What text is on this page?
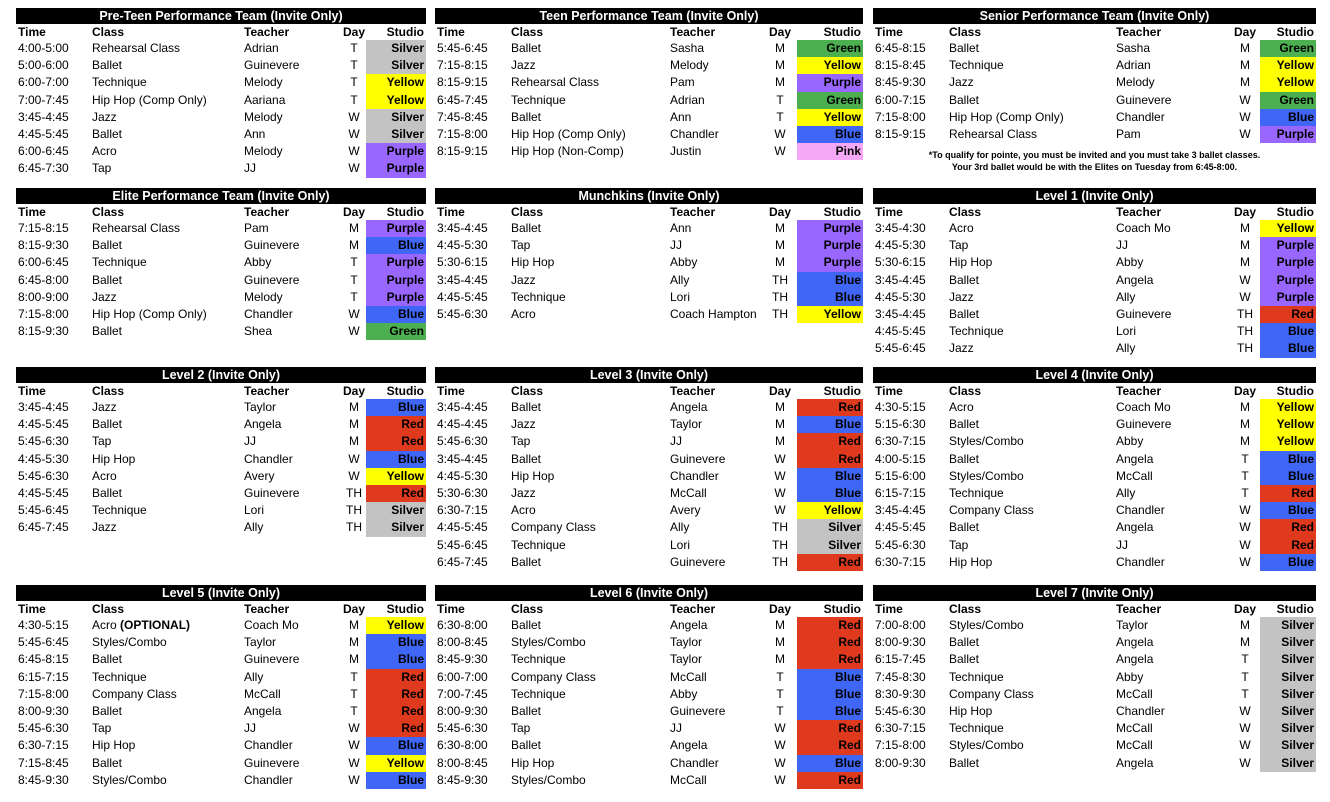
Pre-Teen Performance Team (Invite Only)
Time	Class	Teacher	Day	Studio
4:00-5:00 Rehearsal Class	Adrian	T	Silver
5:00-6:00 Ballet	Guinevere	T	Silver
6:00-7:00 Technique	Melody	T	Yellow
7:00-7:45 Hip Hop (Comp Only)	Aariana	T	Yellow
3:45-4:45 Jazz	Melody	W	Silver
4:45-5:45 Ballet	Ann	W	Silver
6:00-6:45 Acro	Melody	W	Purple
6:45-7:30 Tap	JJ	W	Purple
Teen Performance Team (Invite Only)
Time	Class	Teacher	Day	Studio
5:45-6:45 Ballet	Sasha	M	Green
7:15-8:15 Jazz	Melody	M	Yellow
8:15-9:15 Rehearsal Class	Pam	M	Purple
6:45-7:45 Technique	Adrian	T	Green
7:45-8:45 Ballet	Ann	T	Yellow
7:15-8:00 Hip Hop (Comp Only)	Chandler	W	Blue
8:15-9:15 Hip Hop (Non-Comp)	Justin	W	Pink
Senior Performance Team (Invite Only)
Time	Class	Teacher	Day	Studio
6:45-8:15 Ballet	Sasha	M	Green
8:15-8:45 Technique	Adrian	M	Yellow
8:45-9:30 Jazz	Melody	M	Yellow
6:00-7:15 Ballet	Guinevere	W	Green
7:15-8:00 Hip Hop (Comp Only)	Chandler	W	Blue
8:15-9:15 Rehearsal Class	Pam	W	Purple
*To qualify for pointe, you must be invited and you must take 3 ballet classes.
Your 3rd ballet would be with the Elites on Tuesday from 6:45-8:00.
Elite Performance Team (Invite Only)
Time	Class	Teacher	Day	Studio
7:15-8:15 Rehearsal Class	Pam	M	Purple
8:15-9:30 Ballet	Guinevere	M	Blue
6:00-6:45 Technique	Abby	T	Purple
6:45-8:00 Ballet	Guinevere	T	Purple
8:00-9:00 Jazz	Melody	T	Purple
7:15-8:00 Hip Hop (Comp Only)	Chandler	W	Blue
8:15-9:30 Ballet	Shea	W	Green
Munchkins (Invite Only)
Time	Class	Teacher	Day	Studio
3:45-4:45 Ballet	Ann	M	Purple
4:45-5:30 Tap	JJ	M	Purple
5:30-6:15 Hip Hop	Abby	M	Purple
3:45-4:45 Jazz	Ally	TH	Blue
4:45-5:45 Technique	Lori	TH	Blue
5:45-6:30 Acro	Coach Hampton	TH	Yellow
Level 1 (Invite Only)
Time	Class	Teacher	Day	Studio
3:45-4:30 Acro	Coach Mo	M	Yellow
4:45-5:30 Tap	JJ	M	Purple
5:30-6:15 Hip Hop	Abby	M	Purple
3:45-4:45 Ballet	Angela	W	Purple
4:45-5:30 Jazz	Ally	W	Purple
3:45-4:45 Ballet	Guinevere	TH	Red
4:45-5:45 Technique	Lori	TH	Blue
5:45-6:45 Jazz	Ally	TH	Blue
Level 2 (Invite Only)
Time	Class	Teacher	Day	Studio
3:45-4:45 Jazz	Taylor	M	Blue
4:45-5:45 Ballet	Angela	M	Red
5:45-6:30 Tap	JJ	M	Red
4:45-5:30 Hip Hop	Chandler	W	Blue
5:45-6:30 Acro	Avery	W	Yellow
4:45-5:45 Ballet	Guinevere	TH	Red
5:45-6:45 Technique	Lori	TH	Silver
6:45-7:45 Jazz	Ally	TH	Silver
Level 3 (Invite Only)
Time	Class	Teacher	Day	Studio
3:45-4:45 Ballet	Angela	M	Red
4:45-4:45 Jazz	Taylor	M	Blue
5:45-6:30 Tap	JJ	M	Red
3:45-4:45 Ballet	Guinevere	W	Red
4:45-5:30 Hip Hop	Chandler	W	Blue
5:30-6:30 Jazz	McCall	W	Blue
6:30-7:15 Acro	Avery	W	Yellow
4:45-5:45 Company Class	Ally	TH	Silver
5:45-6:45 Technique	Lori	TH	Silver
6:45-7:45 Ballet	Guinevere	TH	Red
Level 4 (Invite Only)
Time	Class	Teacher	Day	Studio
4:30-5:15 Acro	Coach Mo	M	Yellow
5:15-6:30 Ballet	Guinevere	M	Yellow
6:30-7:15 Styles/Combo	Abby	M	Yellow
4:00-5:15 Ballet	Angela	T	Blue
5:15-6:00 Styles/Combo	McCall	T	Blue
6:15-7:15 Technique	Ally	T	Red
3:45-4:45 Company Class	Chandler	W	Blue
4:45-5:45 Ballet	Angela	W	Red
5:45-6:30 Tap	JJ	W	Red
6:30-7:15 Hip Hop	Chandler	W	Blue
Level 5 (Invite Only)
Time	Class	Teacher	Day	Studio
4:30-5:15 Acro (OPTIONAL)	Coach Mo	M	Yellow
5:45-6:45 Styles/Combo	Taylor	M	Blue
6:45-8:15 Ballet	Guinevere	M	Blue
6:15-7:15 Technique	Ally	T	Red
7:15-8:00 Company Class	McCall	T	Red
8:00-9:30 Ballet	Angela	T	Red
5:45-6:30 Tap	JJ	W	Red
6:30-7:15 Hip Hop	Chandler	W	Blue
7:15-8:45 Ballet	Guinevere	W	Yellow
8:45-9:30 Styles/Combo	Chandler	W	Blue
Level 6 (Invite Only)
Time	Class	Teacher	Day	Studio
6:30-8:00 Ballet	Angela	M	Red
8:00-8:45 Styles/Combo	Taylor	M	Red
8:45-9:30 Technique	Taylor	M	Red
6:00-7:00 Company Class	McCall	T	Blue
7:00-7:45 Technique	Abby	T	Blue
8:00-9:30 Ballet	Guinevere	T	Blue
5:45-6:30 Tap	JJ	W	Red
6:30-8:00 Ballet	Angela	W	Red
8:00-8:45 Hip Hop	Chandler	W	Blue
8:45-9:30 Styles/Combo	McCall	W	Red
Level 7 (Invite Only)
Time	Class	Teacher	Day	Studio
7:00-8:00 Styles/Combo	Taylor	M	Silver
8:00-9:30 Ballet	Angela	M	Silver
6:15-7:45 Ballet	Angela	T	Silver
7:45-8:30 Technique	Abby	T	Silver
8:30-9:30 Company Class	McCall	T	Silver
5:45-6:30 Hip Hop	Chandler	W	Silver
6:30-7:15 Technique	McCall	W	Silver
7:15-8:00 Styles/Combo	McCall	W	Silver
8:00-9:30 Ballet	Angela	W	Silver
